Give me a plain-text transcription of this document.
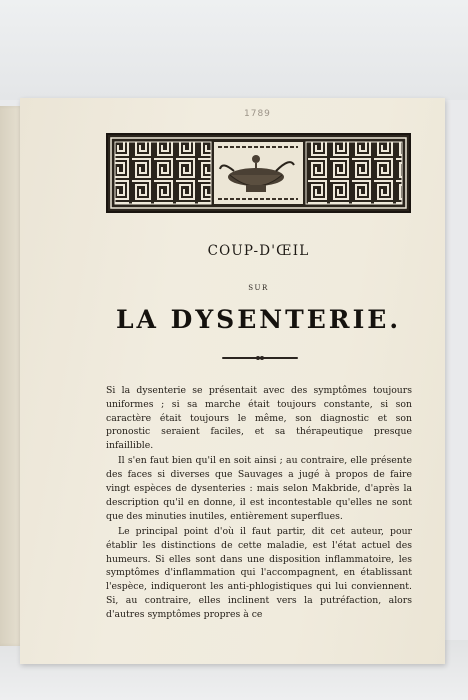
1789
COUP-D'ŒIL
SUR
LA DYSENTERIE.

Si la dysenterie se présentait avec des symptômes toujours uniformes ; si sa marche était toujours constante, si son caractère était toujours le même, son diagnostic et son pronostic seraient faciles, et sa thérapeutique presque infaillible.

Il s'en faut bien qu'il en soit ainsi ; au contraire, elle présente des faces si diverses que Sauvages a jugé à propos de faire vingt espèces de dysenteries : mais selon Makbride, d'après la description qu'il en donne, il est incontestable qu'elles ne sont que des minuties inutiles, entièrement superflues.

Le principal point d'où il faut partir, dit cet auteur, pour établir les distinctions de cette maladie, est l'état actuel des humeurs. Si elles sont dans une disposition inflammatoire, les symptômes d'inflammation qui l'accompagnent, en établissant l'espèce, indiqueront les anti-phlogistiques qui lui conviennent. Si, au contraire, elles inclinent vers la putréfaction, alors d'autres symptômes propres à ce
